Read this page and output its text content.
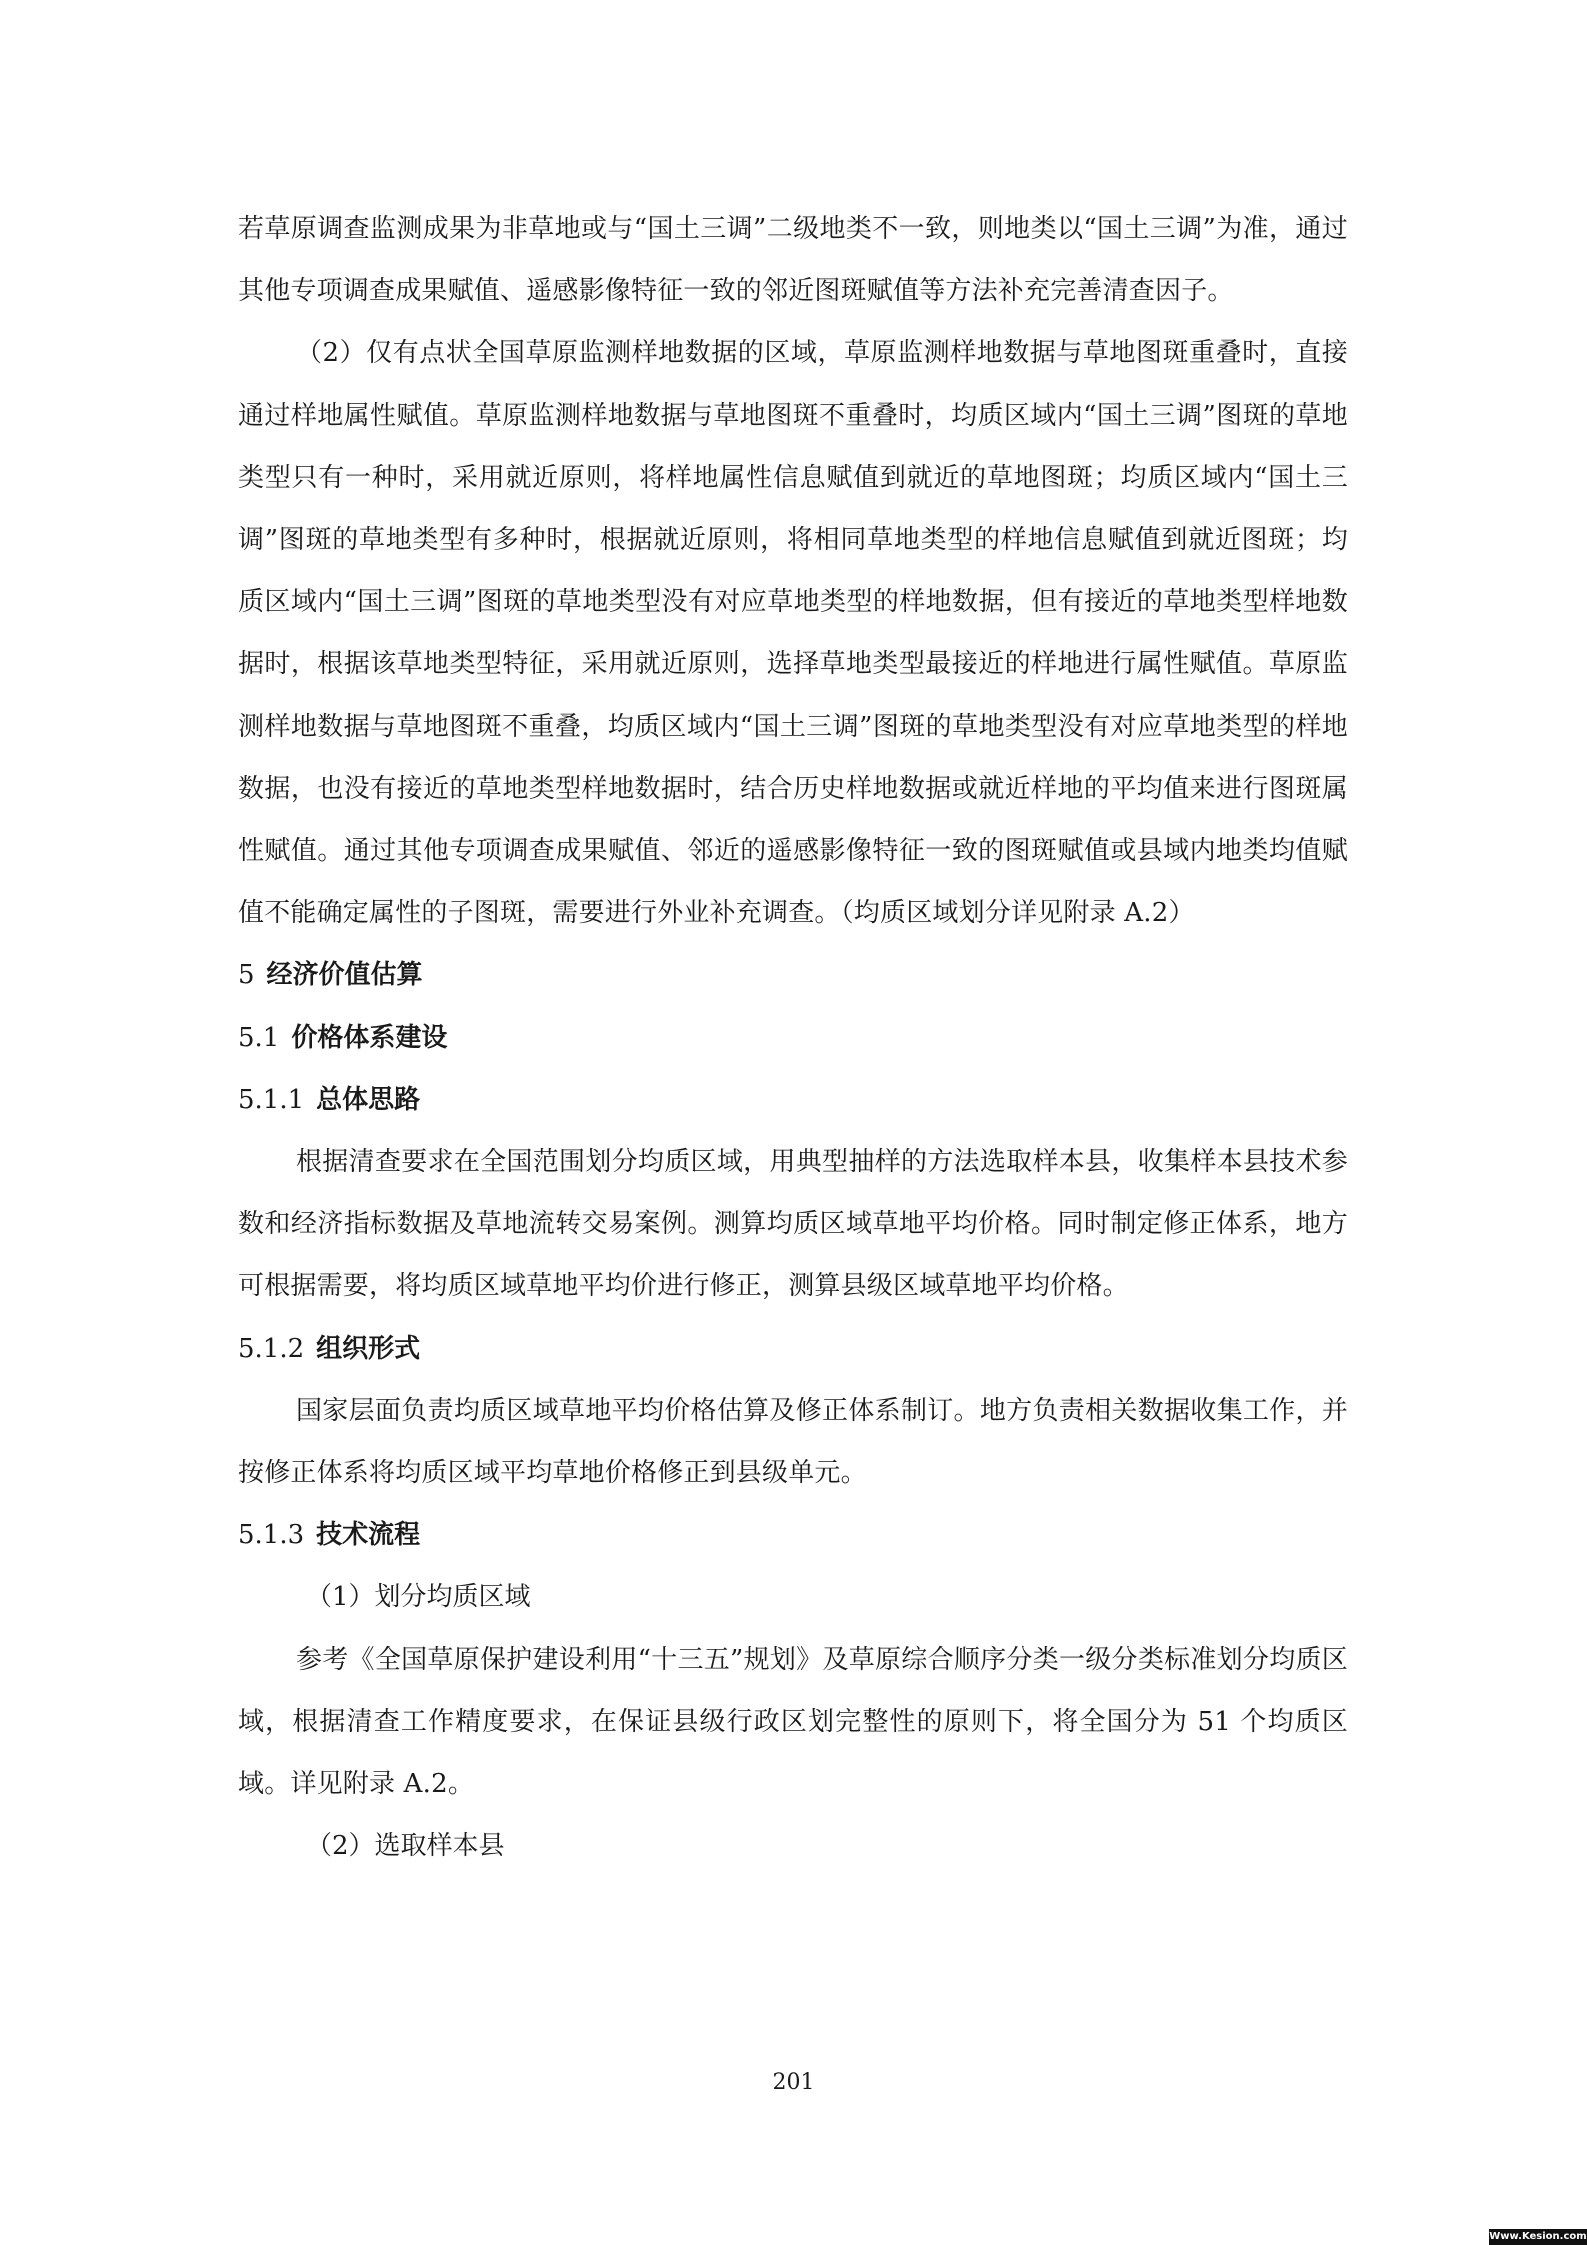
若草原调查监测成果为非草地或与“国土三调”二级地类不一致，则地类以“国土三调”为准，通过其他专项调查成果赋值、遥感影像特征一致的邻近图斑赋值等方法补充完善清查因子。

（2）仅有点状全国草原监测样地数据的区域，草原监测样地数据与草地图斑重叠时，直接通过样地属性赋值。草原监测样地数据与草地图斑不重叠时，均质区域内“国土三调”图斑的草地类型只有一种时，采用就近原则，将样地属性信息赋值到就近的草地图斑；均质区域内“国土三调”图斑的草地类型有多种时，根据就近原则，将相同草地类型的样地信息赋值到就近图斑；均质区域内“国土三调”图斑的草地类型没有对应草地类型的样地数据，但有接近的草地类型样地数据时，根据该草地类型特征，采用就近原则，选择草地类型最接近的样地进行属性赋值。草原监测样地数据与草地图斑不重叠，均质区域内“国土三调”图斑的草地类型没有对应草地类型的样地数据，也没有接近的草地类型样地数据时，结合历史样地数据或就近样地的平均值来进行图斑属性赋值。通过其他专项调查成果赋值、邻近的遥感影像特征一致的图斑赋值或县域内地类均值赋值不能确定属性的子图斑，需要进行外业补充调查。（均质区域划分详见附录 A.2）

5 经济价值估算

5.1 价格体系建设

5.1.1 总体思路

根据清查要求在全国范围划分均质区域，用典型抽样的方法选取样本县，收集样本县技术参数和经济指标数据及草地流转交易案例。测算均质区域草地平均价格。同时制定修正体系，地方可根据需要，将均质区域草地平均价进行修正，测算县级区域草地平均价格。

5.1.2 组织形式

国家层面负责均质区域草地平均价格估算及修正体系制订。地方负责相关数据收集工作，并按修正体系将均质区域平均草地价格修正到县级单元。

5.1.3 技术流程

（1）划分均质区域

参考《全国草原保护建设利用“十三五”规划》及草原综合顺序分类一级分类标准划分均质区域，根据清查工作精度要求，在保证县级行政区划完整性的原则下，将全国分为 51 个均质区域。详见附录 A.2。

（2）选取样本县

201
Www.Kesion.com
